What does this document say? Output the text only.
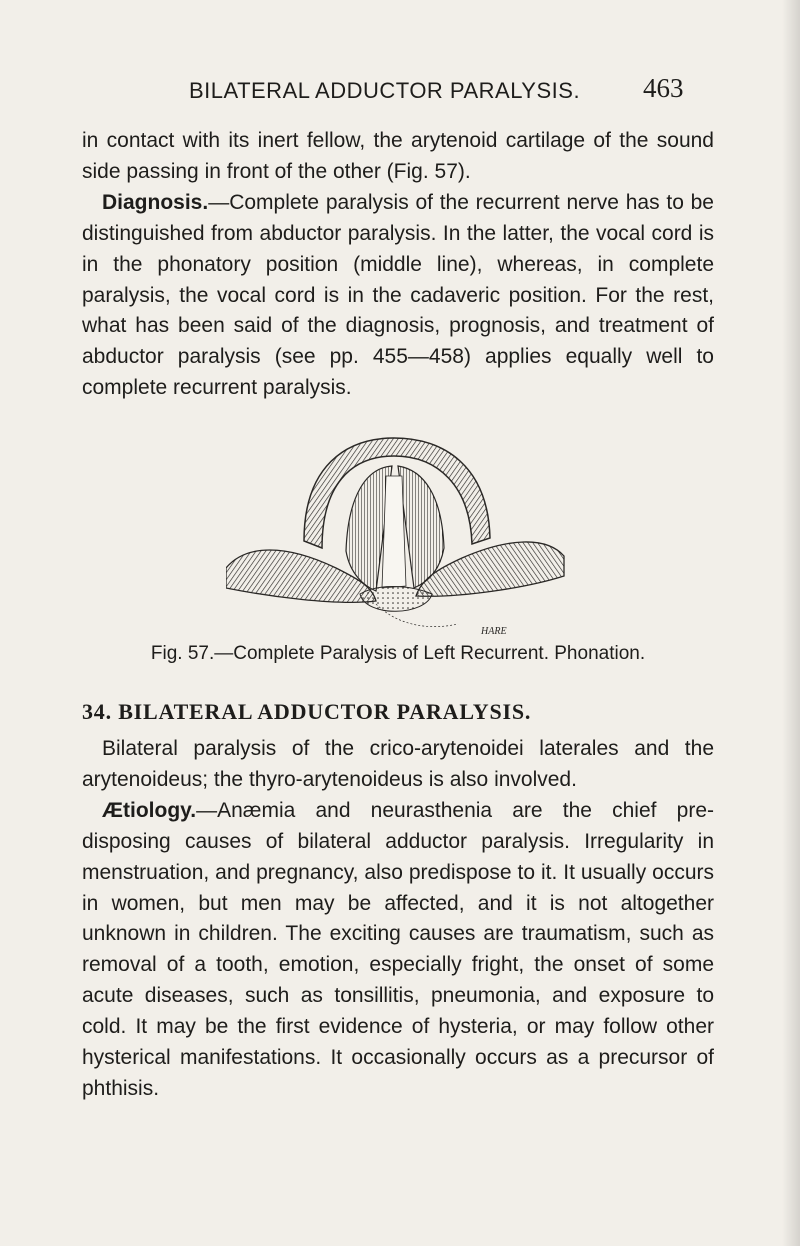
BILATERAL ADDUCTOR PARALYSIS. 463

in contact with its inert fellow, the arytenoid cartilage of the sound side passing in front of the other (Fig. 57).

Diagnosis.—Complete paralysis of the recurrent nerve has to be distinguished from abductor paralysis. In the latter, the vocal cord is in the phonatory position (middle line), whereas, in complete paralysis, the vocal cord is in the cadaveric position. For the rest, what has been said of the diagnosis, prognosis, and treatment of abductor paralysis (see pp. 455—458) applies equally well to complete recurrent paralysis.

HARE
Fig. 57.—Complete Paralysis of Left Recurrent. Phonation.
34. BILATERAL ADDUCTOR PARALYSIS.

Bilateral paralysis of the crico-arytenoidei laterales and the arytenoideus; the thyro-arytenoideus is also involved.

Ætiology.—Anæmia and neurasthenia are the chief pre-disposing causes of bilateral adductor paralysis. Irregularity in menstruation, and pregnancy, also predispose to it. It usually occurs in women, but men may be affected, and it is not altogether unknown in children. The exciting causes are traumatism, such as removal of a tooth, emotion, especially fright, the onset of some acute diseases, such as tonsillitis, pneumonia, and exposure to cold. It may be the first evidence of hysteria, or may follow other hysterical manifestations. It occasionally occurs as a precursor of phthisis.
